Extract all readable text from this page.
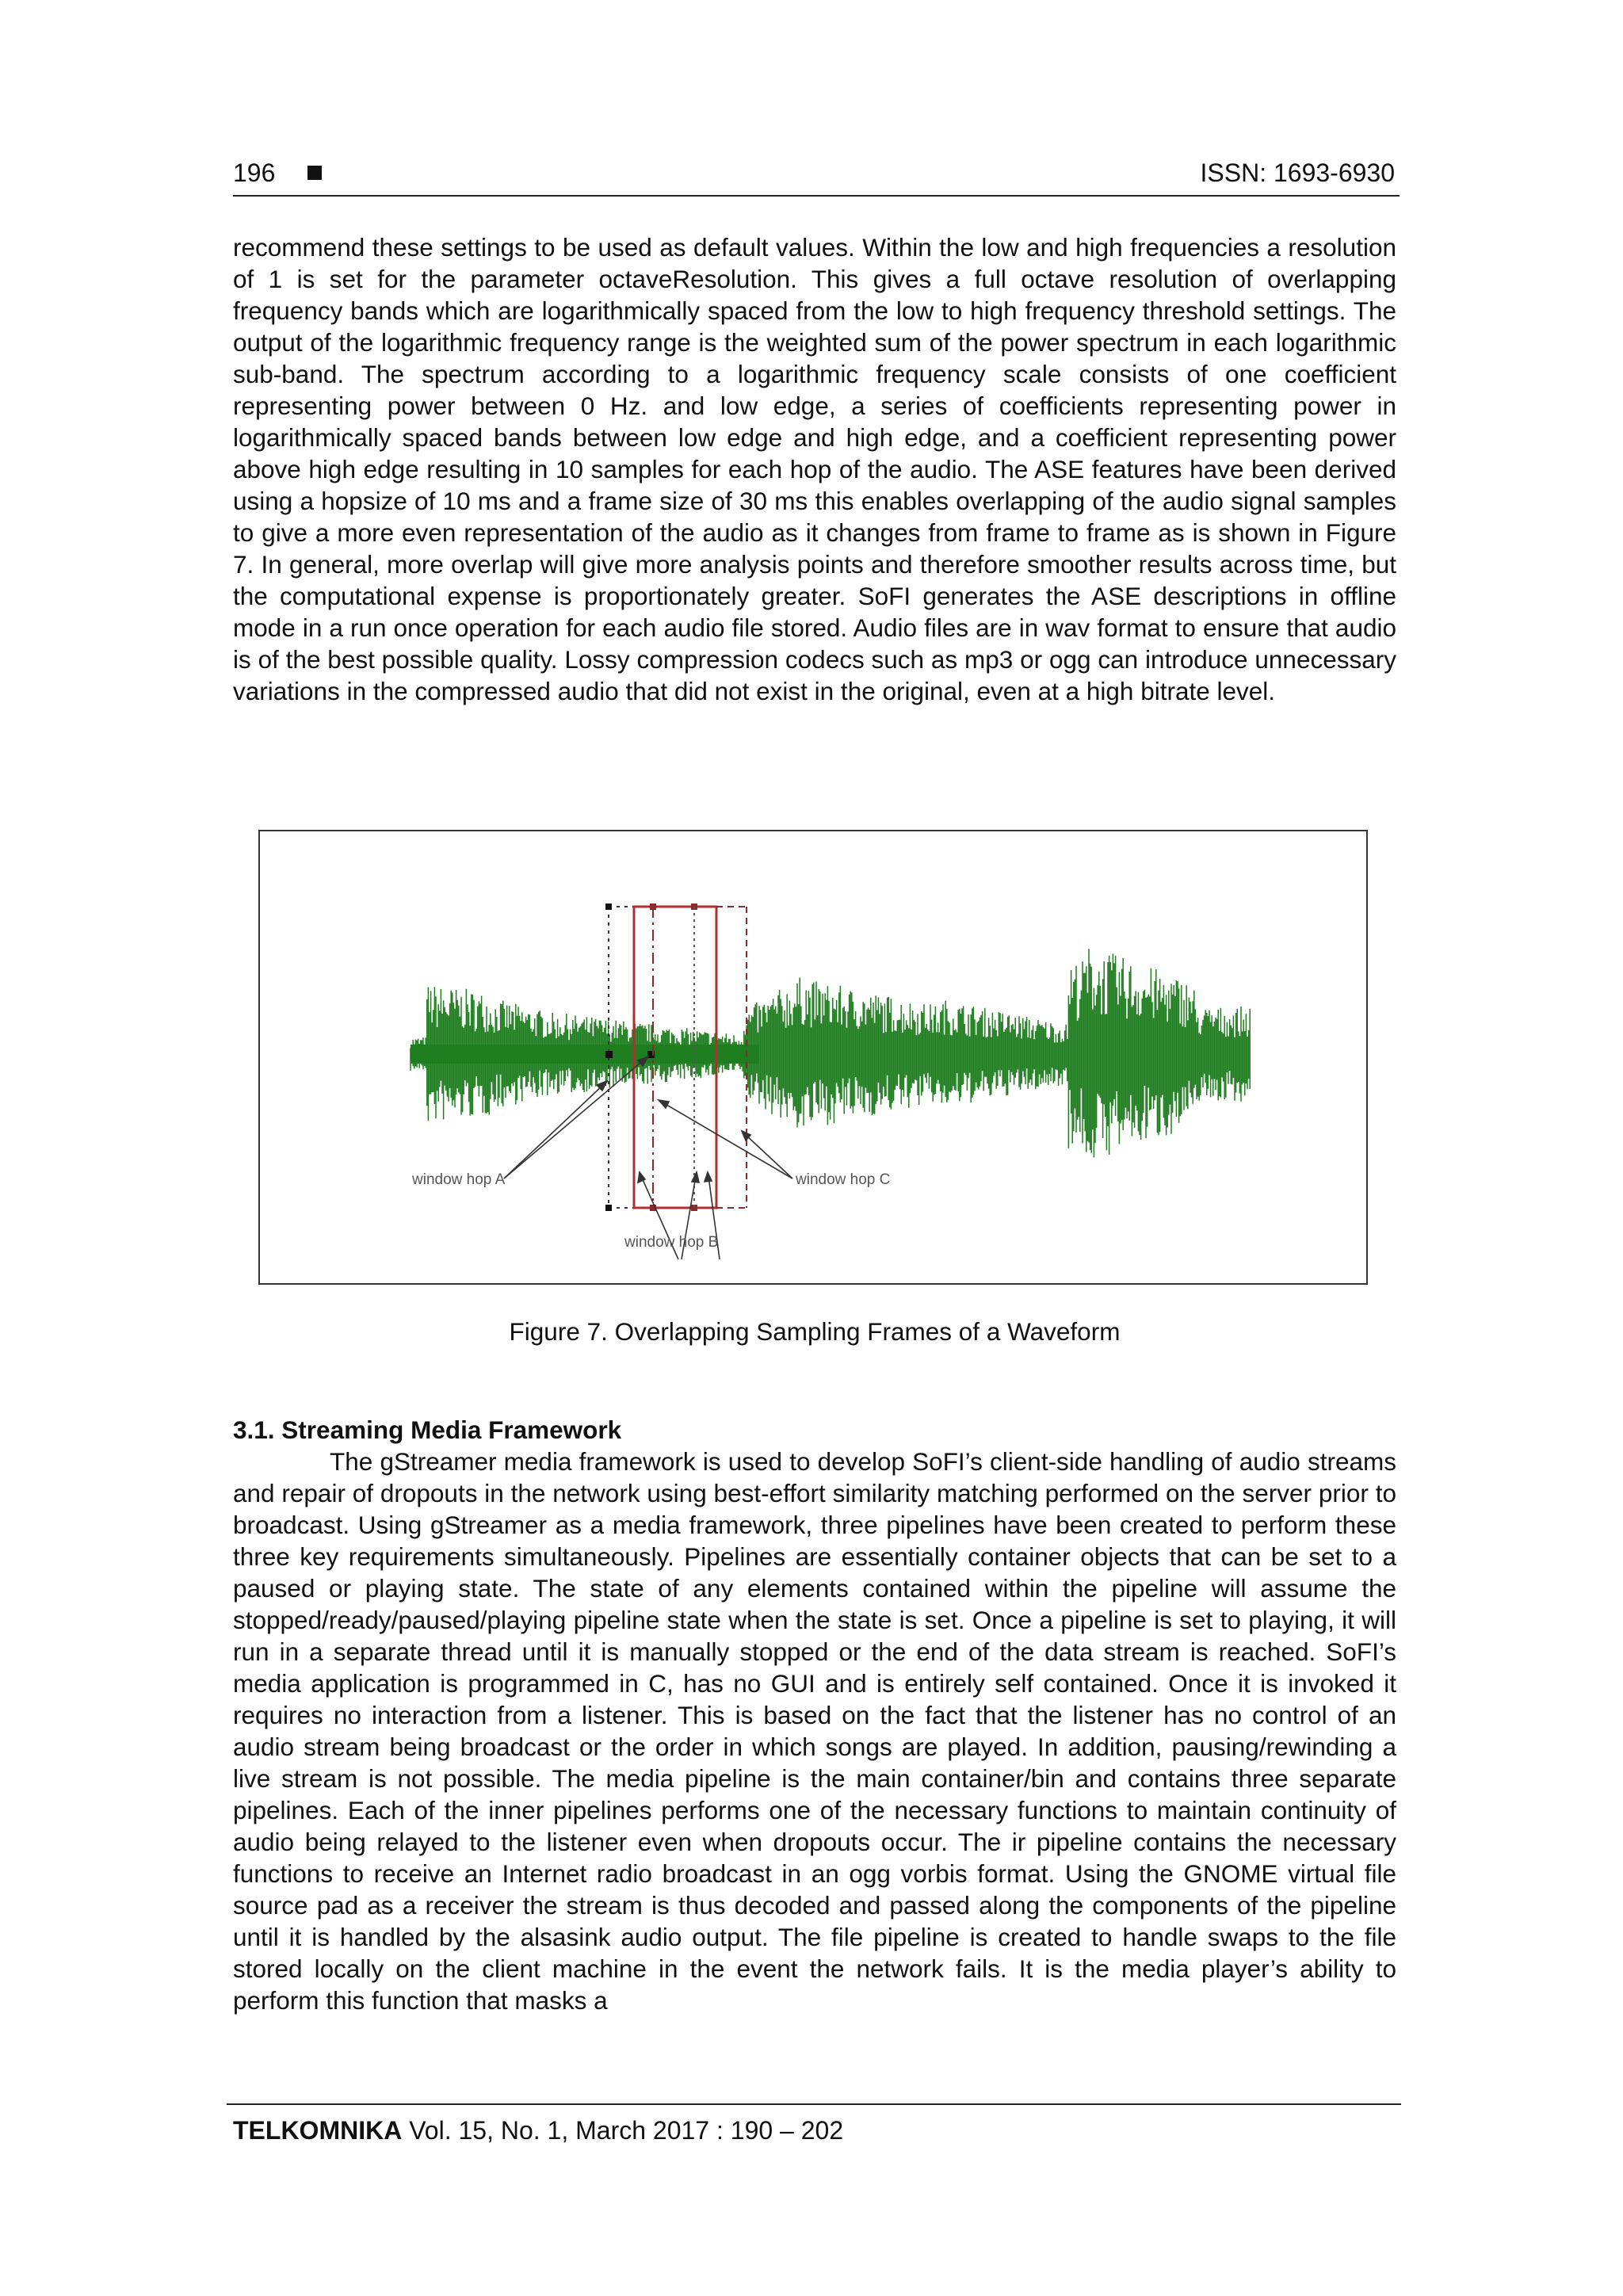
196	ISSN: 1693-6930

recommend these settings to be used as default values. Within the low and high frequencies a resolution of 1 is set for the parameter octaveResolution. This gives a full octave resolution of overlapping frequency bands which are logarithmically spaced from the low to high frequency threshold settings. The output of the logarithmic frequency range is the weighted sum of the power spectrum in each logarithmic sub-band. The spectrum according to a logarithmic frequency scale consists of one coefficient representing power between 0 Hz. and low edge, a series of coefficients representing power in logarithmically spaced bands between low edge and high edge, and a coefficient representing power above high edge resulting in 10 samples for each hop of the audio. The ASE features have been derived using a hopsize of 10 ms and a frame size of 30 ms this enables overlapping of the audio signal samples to give a more even representation of the audio as it changes from frame to frame as is shown in Figure 7. In general, more overlap will give more analysis points and therefore smoother results across time, but the computational expense is proportionately greater. SoFI generates the ASE descriptions in offline mode in a run once operation for each audio file stored. Audio files are in wav format to ensure that audio is of the best possible quality. Lossy compression codecs such as mp3 or ogg can introduce unnecessary variations in the compressed audio that did not exist in the original, even at a high bitrate level.

window hop A
window hop B
window hop C
Figure 7. Overlapping Sampling Frames of a Waveform
3.1. Streaming Media Framework

The gStreamer media framework is used to develop SoFI’s client-side handling of audio streams and repair of dropouts in the network using best-effort similarity matching performed on the server prior to broadcast. Using gStreamer as a media framework, three pipelines have been created to perform these three key requirements simultaneously. Pipelines are essentially container objects that can be set to a paused or playing state. The state of any elements contained within the pipeline will assume the stopped/ready/paused/playing pipeline state when the state is set. Once a pipeline is set to playing, it will run in a separate thread until it is manually stopped or the end of the data stream is reached. SoFI’s media application is programmed in C, has no GUI and is entirely self contained. Once it is invoked it requires no interaction from a listener. This is based on the fact that the listener has no control of an audio stream being broadcast or the order in which songs are played. In addition, pausing/rewinding a live stream is not possible. The media pipeline is the main container/bin and contains three separate pipelines. Each of the inner pipelines performs one of the necessary functions to maintain continuity of audio being relayed to the listener even when dropouts occur. The ir pipeline contains the necessary functions to receive an Internet radio broadcast in an ogg vorbis format. Using the GNOME virtual file source pad as a receiver the stream is thus decoded and passed along the components of the pipeline until it is handled by the alsasink audio output. The file pipeline is created to handle swaps to the file stored locally on the client machine in the event the network fails. It is the media player’s ability to perform this function that masks a

TELKOMNIKA Vol. 15, No. 1, March 2017 : 190 – 202
